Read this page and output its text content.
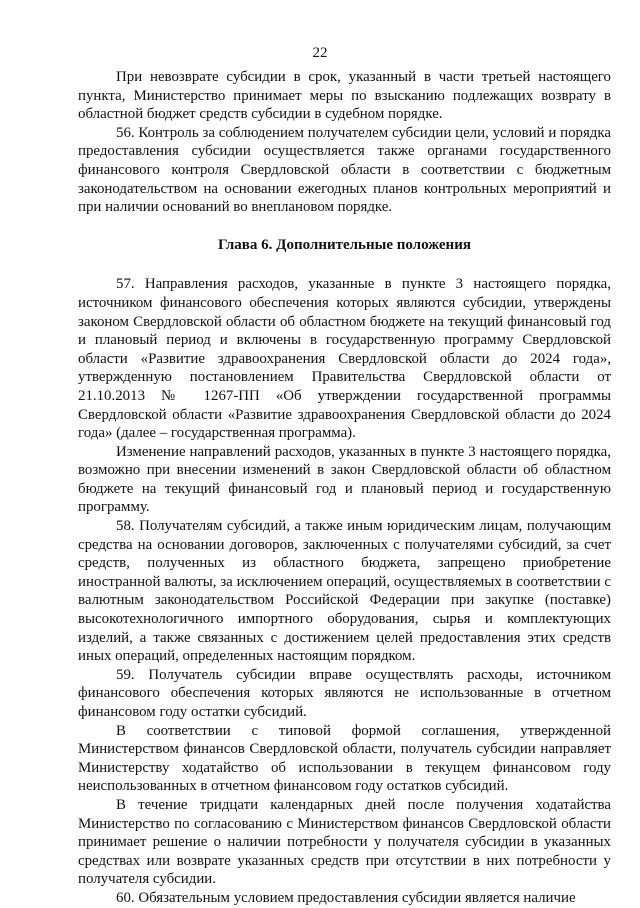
22

При невозврате субсидии в срок, указанный в части третьей настоящего пункта, Министерство принимает меры по взысканию подлежащих возврату в областной бюджет средств субсидии в судебном порядке.

56. Контроль за соблюдением получателем субсидии цели, условий и порядка предоставления субсидии осуществляется также органами государственного финансового контроля Свердловской области в соответствии с бюджетным законодательством на основании ежегодных планов контрольных мероприятий и при наличии оснований во внеплановом порядке.

Глава 6. Дополнительные положения

57. Направления расходов, указанные в пункте 3 настоящего порядка, источником финансового обеспечения которых являются субсидии, утверждены законом Свердловской области об областном бюджете на текущий финансовый год и плановый период и включены в государственную программу Свердловской области «Развитие здравоохранения Свердловской области до 2024 года», утвержденную постановлением Правительства Свердловской области от 21.10.2013 № 1267-ПП «Об утверждении государственной программы Свердловской области «Развитие здравоохранения Свердловской области до 2024 года» (далее – государственная программа).

Изменение направлений расходов, указанных в пункте 3 настоящего порядка, возможно при внесении изменений в закон Свердловской области об областном бюджете на текущий финансовый год и плановый период и государственную программу.

58. Получателям субсидий, а также иным юридическим лицам, получающим средства на основании договоров, заключенных с получателями субсидий, за счет средств, полученных из областного бюджета, запрещено приобретение иностранной валюты, за исключением операций, осуществляемых в соответствии с валютным законодательством Российской Федерации при закупке (поставке) высокотехнологичного импортного оборудования, сырья и комплектующих изделий, а также связанных с достижением целей предоставления этих средств иных операций, определенных настоящим порядком.

59. Получатель субсидии вправе осуществлять расходы, источником финансового обеспечения которых являются не использованные в отчетном финансовом году остатки субсидий.

В соответствии с типовой формой соглашения, утвержденной Министерством финансов Свердловской области, получатель субсидии направляет Министерству ходатайство об использовании в текущем финансовом году неиспользованных в отчетном финансовом году остатков субсидий.

В течение тридцати календарных дней после получения ходатайства Министерство по согласованию с Министерством финансов Свердловской области принимает решение о наличии потребности у получателя субсидии в указанных средствах или возврате указанных средств при отсутствии в них потребности у получателя субсидии.

60. Обязательным условием предоставления субсидии является наличие
